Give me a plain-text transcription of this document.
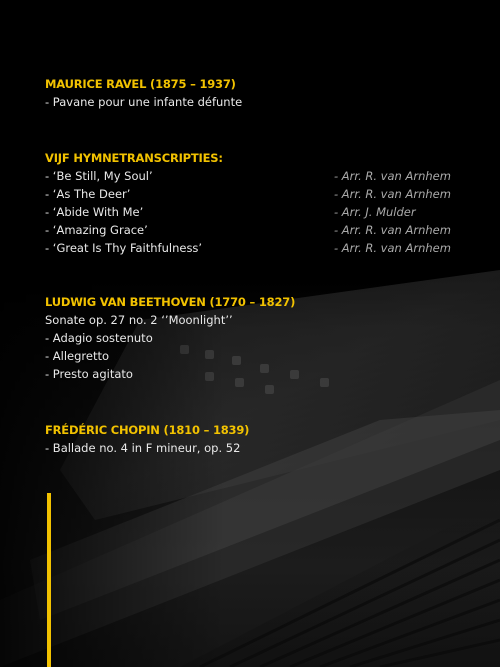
MAURICE RAVEL (1875 – 1937)
- Pavane pour une infante défunte
VIJF HYMNETRANSCRIPTIES:
- ‘Be Still, My Soul’	- Arr. R. van Arnhem
- ‘As The Deer’	- Arr. R. van Arnhem
- ‘Abide With Me’	- Arr. J. Mulder
- ‘Amazing Grace’	- Arr. R. van Arnhem
- ‘Great Is Thy Faithfulness’	- Arr. R. van Arnhem
LUDWIG VAN BEETHOVEN (1770 – 1827)
Sonate op. 27 no. 2 ‘’Moonlight’’
- Adagio sostenuto
- Allegretto
- Presto agitato
FRÉDÉRIC CHOPIN (1810 – 1839)
- Ballade no. 4 in F mineur, op. 52
